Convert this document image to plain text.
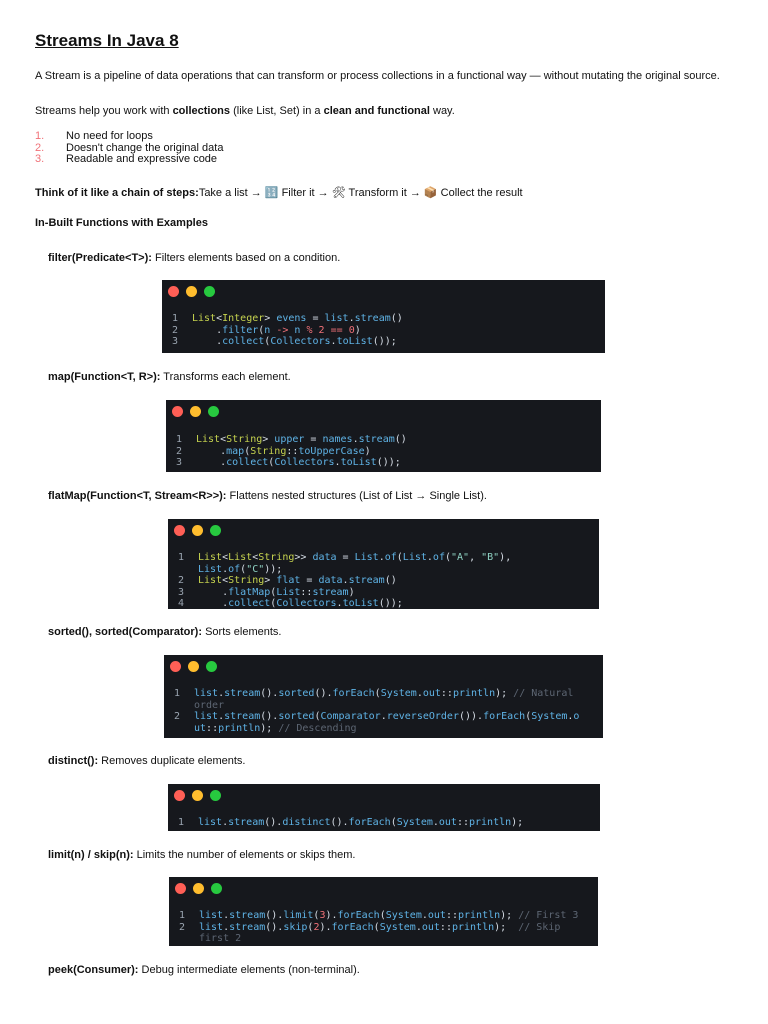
Streams In Java 8

A Stream is a pipeline of data operations that can transform or process collections in a functional way — without mutating the original source.

Streams help you work with collections (like List, Set) in a clean and functional way.

1.	No need for loops
2.	Doesn't change the original data
3.	Readable and expressive code

Think of it like a chain of steps:Take a list → 🔢 Filter it → 🛠 Transform it → 📦 Collect the result

In-Built Functions with Examples

filter(Predicate<T>): Filters elements based on a condition.

1	List<Integer> evens = list.stream()
2	.filter(n -> n % 2 == 0)
3	.collect(Collectors.toList());

map(Function<T, R>): Transforms each element.

1	List<String> upper = names.stream()
2	.map(String::toUpperCase)
3	.collect(Collectors.toList());

flatMap(Function<T, Stream<R>>): Flattens nested structures (List of List → Single List).

1	List<List<String>> data = List.of(List.of("A", "B"),
List.of("C"));
2	List<String> flat = data.stream()
3	.flatMap(List::stream)
4	.collect(Collectors.toList());

sorted(), sorted(Comparator): Sorts elements.

1	list.stream().sorted().forEach(System.out::println); // Natural
order
2	list.stream().sorted(Comparator.reverseOrder()).forEach(System.o
ut::println); // Descending

distinct(): Removes duplicate elements.

1	list.stream().distinct().forEach(System.out::println);

limit(n) / skip(n): Limits the number of elements or skips them.

1	list.stream().limit(3).forEach(System.out::println); // First 3
2	list.stream().skip(2).forEach(System.out::println);  // Skip
first 2

peek(Consumer): Debug intermediate elements (non-terminal).
